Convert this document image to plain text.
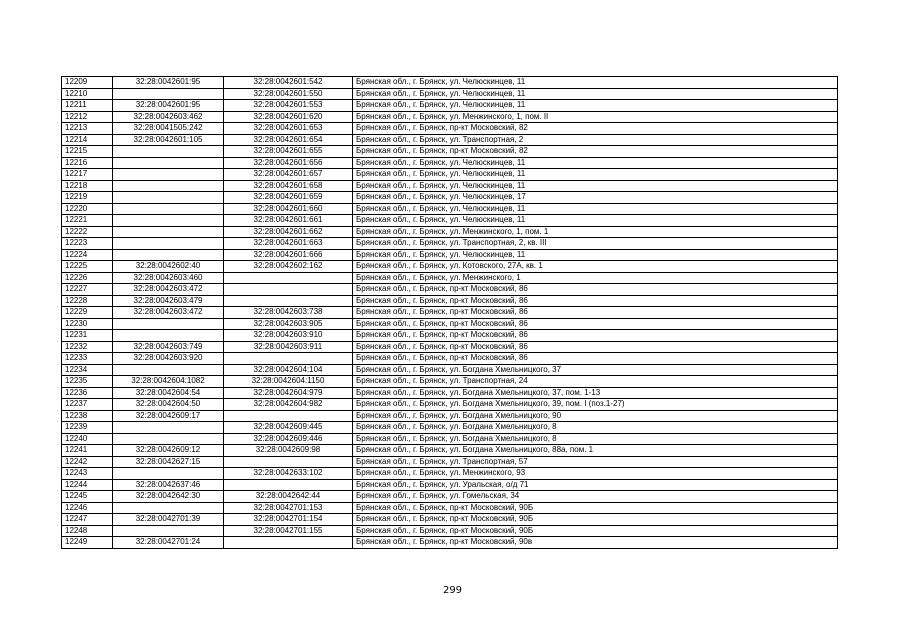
12209	32:28:0042601:95	32:28:0042601:542	Брянская обл., г. Брянск, ул. Челюскинцев, 11
12210		32:28:0042601:550	Брянская обл., г. Брянск, ул. Челюскинцев, 11
12211	32:28:0042601:95	32:28:0042601:553	Брянская обл., г. Брянск, ул. Челюскинцев, 11
12212	32:28:0042603:462	32:28:0042601:620	Брянская обл., г. Брянск, ул. Менжинского, 1, пом. II
12213	32:28:0041505:242	32:28:0042601:653	Брянская обл., г. Брянск, пр-кт Московский, 82
12214	32:28:0042601:105	32:28:0042601:654	Брянская обл., г. Брянск, ул. Транспортная, 2
12215		32:28:0042601:655	Брянская обл., г. Брянск, пр-кт Московский, 82
12216		32:28:0042601:656	Брянская обл., г. Брянск, ул. Челюскинцев, 11
12217		32:28:0042601:657	Брянская обл., г. Брянск, ул. Челюскинцев, 11
12218		32:28:0042601:658	Брянская обл., г. Брянск, ул. Челюскинцев, 11
12219		32:28:0042601:659	Брянская обл., г. Брянск, ул. Челюскинцев, 17
12220		32:28:0042601:660	Брянская обл., г. Брянск, ул. Челюскинцев, 11
12221		32:28:0042601:661	Брянская обл., г. Брянск, ул. Челюскинцев, 11
12222		32:28:0042601:662	Брянская обл., г. Брянск, ул. Менжинского, 1, пом. 1
12223		32:28:0042601:663	Брянская обл., г. Брянск, ул. Транспортная, 2, кв. III
12224		32:28:0042601:666	Брянская обл., г. Брянск, ул. Челюскинцев, 11
12225	32:28:0042602:40	32:28:0042602:162	Брянская обл., г. Брянск, ул. Котовского, 27А, кв. 1
12226	32:28:0042603:460		Брянская обл., г. Брянск, ул. Менжинского, 1
12227	32:28:0042603:472		Брянская обл., г. Брянск, пр-кт Московский, 86
12228	32:28:0042603:479		Брянская обл., г. Брянск, пр-кт Московский, 86
12229	32:28:0042603:472	32:28:0042603:738	Брянская обл., г. Брянск, пр-кт Московский, 86
12230		32:28:0042603:905	Брянская обл., г. Брянск, пр-кт Московский, 86
12231		32:28:0042603:910	Брянская обл., г. Брянск, пр-кт Московский, 86
12232	32:28:0042603:749	32:28:0042603:911	Брянская обл., г. Брянск, пр-кт Московский, 86
12233	32:28:0042603:920		Брянская обл., г. Брянск, пр-кт Московский, 86
12234		32:28:0042604:104	Брянская обл., г. Брянск, ул. Богдана Хмельницкого, 37
12235	32:28:0042604:1082	32:28:0042604:1150	Брянская обл., г. Брянск, ул. Транспортная, 24
12236	32:28:0042604:54	32:28:0042604:979	Брянская обл., г. Брянск, ул. Богдана Хмельницкого, 37, пом. 1-13
12237	32:28:0042604:50	32:28:0042604:982	Брянская обл., г. Брянск, ул. Богдана Хмельницкого, 39, пом. I (поз.1-27)
12238	32:28:0042609:17		Брянская обл., г. Брянск, ул. Богдана Хмельницкого, 90
12239		32:28:0042609:445	Брянская обл., г. Брянск, ул. Богдана Хмельницкого, 8
12240		32:28:0042609:446	Брянская обл., г. Брянск, ул. Богдана Хмельницкого, 8
12241	32:28:0042609:12	32:28:0042609:98	Брянская обл., г. Брянск, ул. Богдана Хмельницкого, 88а, пом. 1
12242	32:28:0042627:15		Брянская обл., г. Брянск, ул. Транспортная, 57
12243		32:28:0042633:102	Брянская обл., г. Брянск, ул. Менжинского, 93
12244	32:28:0042637:46		Брянская обл., г. Брянск, ул. Уральская, о/д 71
12245	32:28:0042642:30	32:28:0042642:44	Брянская обл., г. Брянск, ул. Гомельская, 34
12246		32:28:0042701:153	Брянская обл., г. Брянск, пр-кт Московский, 90Б
12247	32:28:0042701:39	32:28:0042701:154	Брянская обл., г. Брянск, пр-кт Московский, 90Б
12248		32:28:0042701:155	Брянская обл., г. Брянск, пр-кт Московский, 90Б
12249	32:28:0042701:24		Брянская обл., г. Брянск, пр-кт Московский, 90в
299
